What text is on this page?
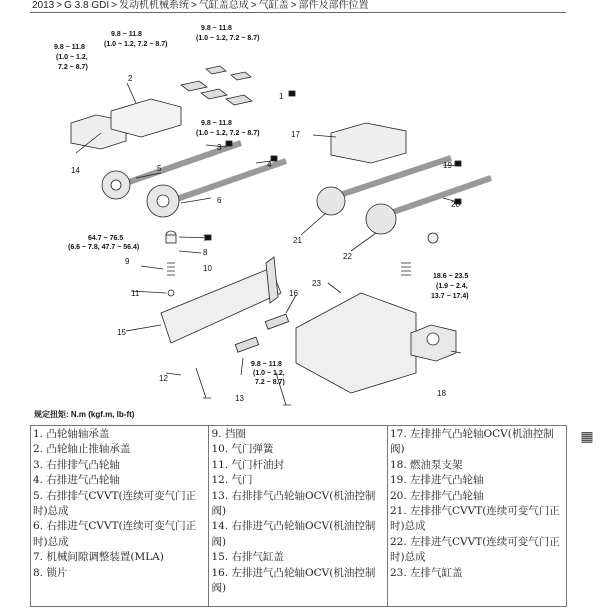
2013 > G 3.8 GDI > 发动机机械系统 > 气缸盖总成 > 气缸盖 > 部件及部件位置
9.8 ~ 11.8
(1.0 ~ 1.2,
7.2 ~ 8.7)
9.8 ~ 11.8
(1.0 ~ 1.2, 7.2 ~ 8.7)
9.8 ~ 11.8
(1.0 ~ 1.2, 7.2 ~ 8.7)
9.8 ~ 11.8
(1.0 ~ 1.2, 7.2 ~ 8.7)
64.7 ~ 76.5
(6.6 ~ 7.8, 47.7 ~ 56.4)
18.6 ~ 23.5
(1.9 ~ 2.4,
13.7 ~ 17.4)
9.8 ~ 11.8
(1.0 ~ 1.2,
7.2 ~ 8.7)
1
2
3
4
5
6
7
8
9
10
11
12
13
14
15
16
17
18
19
20
21
22
23
规定扭矩: N.m (kgf.m, lb-ft)
1. 凸轮轴轴承盖
2. 凸轮轴止推轴承盖
3. 右排排气凸轮轴
4. 右排进气凸轮轴
5. 右排排气CVVT(连续可变气门正时)总成
6. 右排进气CVVT(连续可变气门正时)总成
7. 机械间隙调整装置(MLA)
8. 锁片

9. 挡圈
10. 气门弹簧
11. 气门杆油封
12. 气门
13. 右排排气凸轮轴OCV(机油控制阀)
14. 右排进气凸轮轴OCV(机油控制阀)
15. 右排气缸盖
16. 左排进气凸轮轴OCV(机油控制阀)

17. 左排排气凸轮轴OCV(机油控制阀)
18. 燃油泵支架
19. 左排进气凸轮轴
20. 左排排气凸轮轴
21. 左排排气CVVT(连续可变气门正时)总成
22. 左排进气CVVT(连续可变气门正时)总成
23. 左排气缸盖
▦
